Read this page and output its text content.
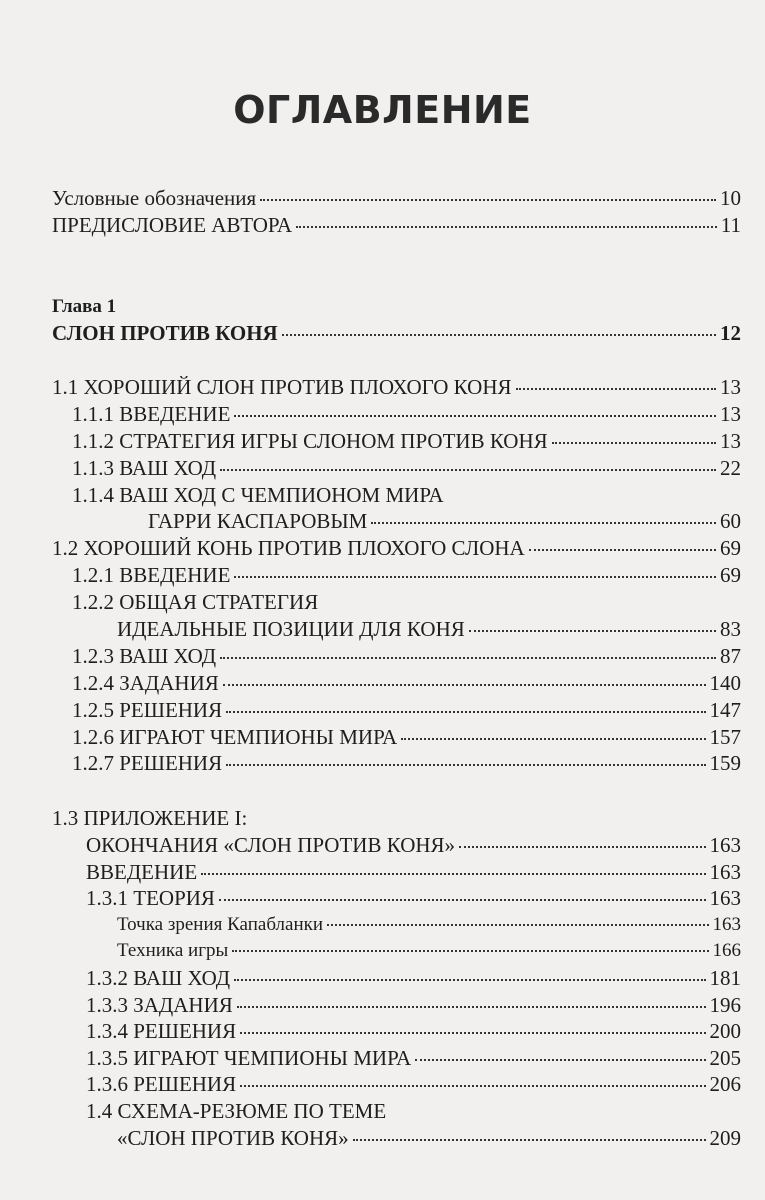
ОГЛАВЛЕНИЕ
Условные обозначения	10
ПРЕДИСЛОВИЕ АВТОРА	11
Глава 1
СЛОН ПРОТИВ КОНЯ	12
1.1 ХОРОШИЙ СЛОН ПРОТИВ ПЛОХОГО КОНЯ	13
1.1.1 ВВЕДЕНИЕ	13
1.1.2 СТРАТЕГИЯ ИГРЫ СЛОНОМ ПРОТИВ КОНЯ	13
1.1.3 ВАШ ХОД	22
1.1.4 ВАШ ХОД С ЧЕМПИОНОМ МИРА
ГАРРИ КАСПАРОВЫМ	60
1.2 ХОРОШИЙ КОНЬ ПРОТИВ ПЛОХОГО СЛОНА	69
1.2.1 ВВЕДЕНИЕ	69
1.2.2 ОБЩАЯ СТРАТЕГИЯ
ИДЕАЛЬНЫЕ ПОЗИЦИИ ДЛЯ КОНЯ	83
1.2.3 ВАШ ХОД	87
1.2.4 ЗАДАНИЯ	140
1.2.5 РЕШЕНИЯ	147
1.2.6 ИГРАЮТ ЧЕМПИОНЫ МИРА	157
1.2.7 РЕШЕНИЯ	159
1.3 ПРИЛОЖЕНИЕ I:
ОКОНЧАНИЯ «СЛОН ПРОТИВ КОНЯ»	163
ВВЕДЕНИЕ	163
1.3.1 ТЕОРИЯ	163
Точка зрения Капабланки	163
Техника игры	166
1.3.2 ВАШ ХОД	181
1.3.3 ЗАДАНИЯ	196
1.3.4 РЕШЕНИЯ	200
1.3.5 ИГРАЮТ ЧЕМПИОНЫ МИРА	205
1.3.6 РЕШЕНИЯ	206
1.4 СХЕМА-РЕЗЮМЕ ПО ТЕМЕ
«СЛОН ПРОТИВ КОНЯ»	209
